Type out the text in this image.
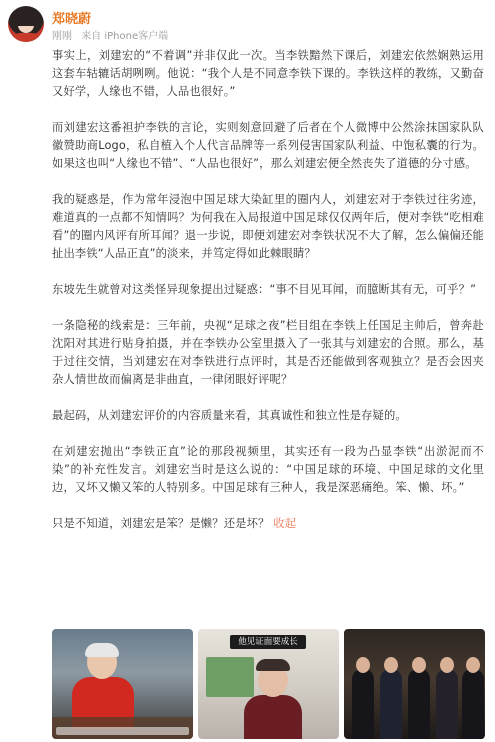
郑晓蔚
刚刚 来自 iPhone客户端

事实上，刘建宏的“不着调”并非仅此一次。当李铁黯然下课后，刘建宏依然娴熟运用这套车轱辘话胡咧咧。他说：“我个人是不同意李铁下课的。李铁这样的教练，又勤奋又好学，人缘也不错，人品也很好。”

而刘建宏这番袒护李铁的言论，实则刻意回避了后者在个人微博中公然涂抹国家队队徽赞助商Logo，私自植入个人代言品牌等一系列侵害国家队利益、中饱私囊的行为。如果这也叫“人缘也不错”、“人品也很好”，那么刘建宏便全然丧失了道德的分寸感。

我的疑惑是，作为常年浸泡中国足球大染缸里的圈内人，刘建宏对于李铁过往劣迹，难道真的一点都不知情吗？为何我在入局报道中国足球仅仅两年后，便对李铁“吃相难看”的圈内风评有所耳闻？退一步说，即便刘建宏对李铁状况不大了解，怎么偏偏还能扯出李铁“人品正直”的淡来，并笃定得如此棘眼睛？

东坡先生就曾对这类怪异现象提出过疑惑：“事不目见耳闻，而臆断其有无，可乎？”

一条隐秘的线索是：三年前，央视“足球之夜”栏目组在李铁上任国足主帅后，曾奔赴沈阳对其进行贴身拍摄，并在李铁办公室里摄入了一张其与刘建宏的合照。那么，基于过往交情，当刘建宏在对李铁进行点评时，其是否还能做到客观独立？是否会因夹杂人情世故而偏离是非曲直，一律闭眼好评呢？

最起码，从刘建宏评价的内容质量来看，其真诚性和独立性是存疑的。

在刘建宏抛出“李铁正直”论的那段视频里，其实还有一段为凸显李铁“出淤泥而不染”的补充性发言。刘建宏当时是这么说的：“中国足球的环境、中国足球的文化里边，又坏又懒又笨的人特别多。中国足球有三种人，我是深恶痛绝。笨、懒、坏。”

只是不知道，刘建宏是笨？是懒？还是坏？ 收起

他见证面要成长
